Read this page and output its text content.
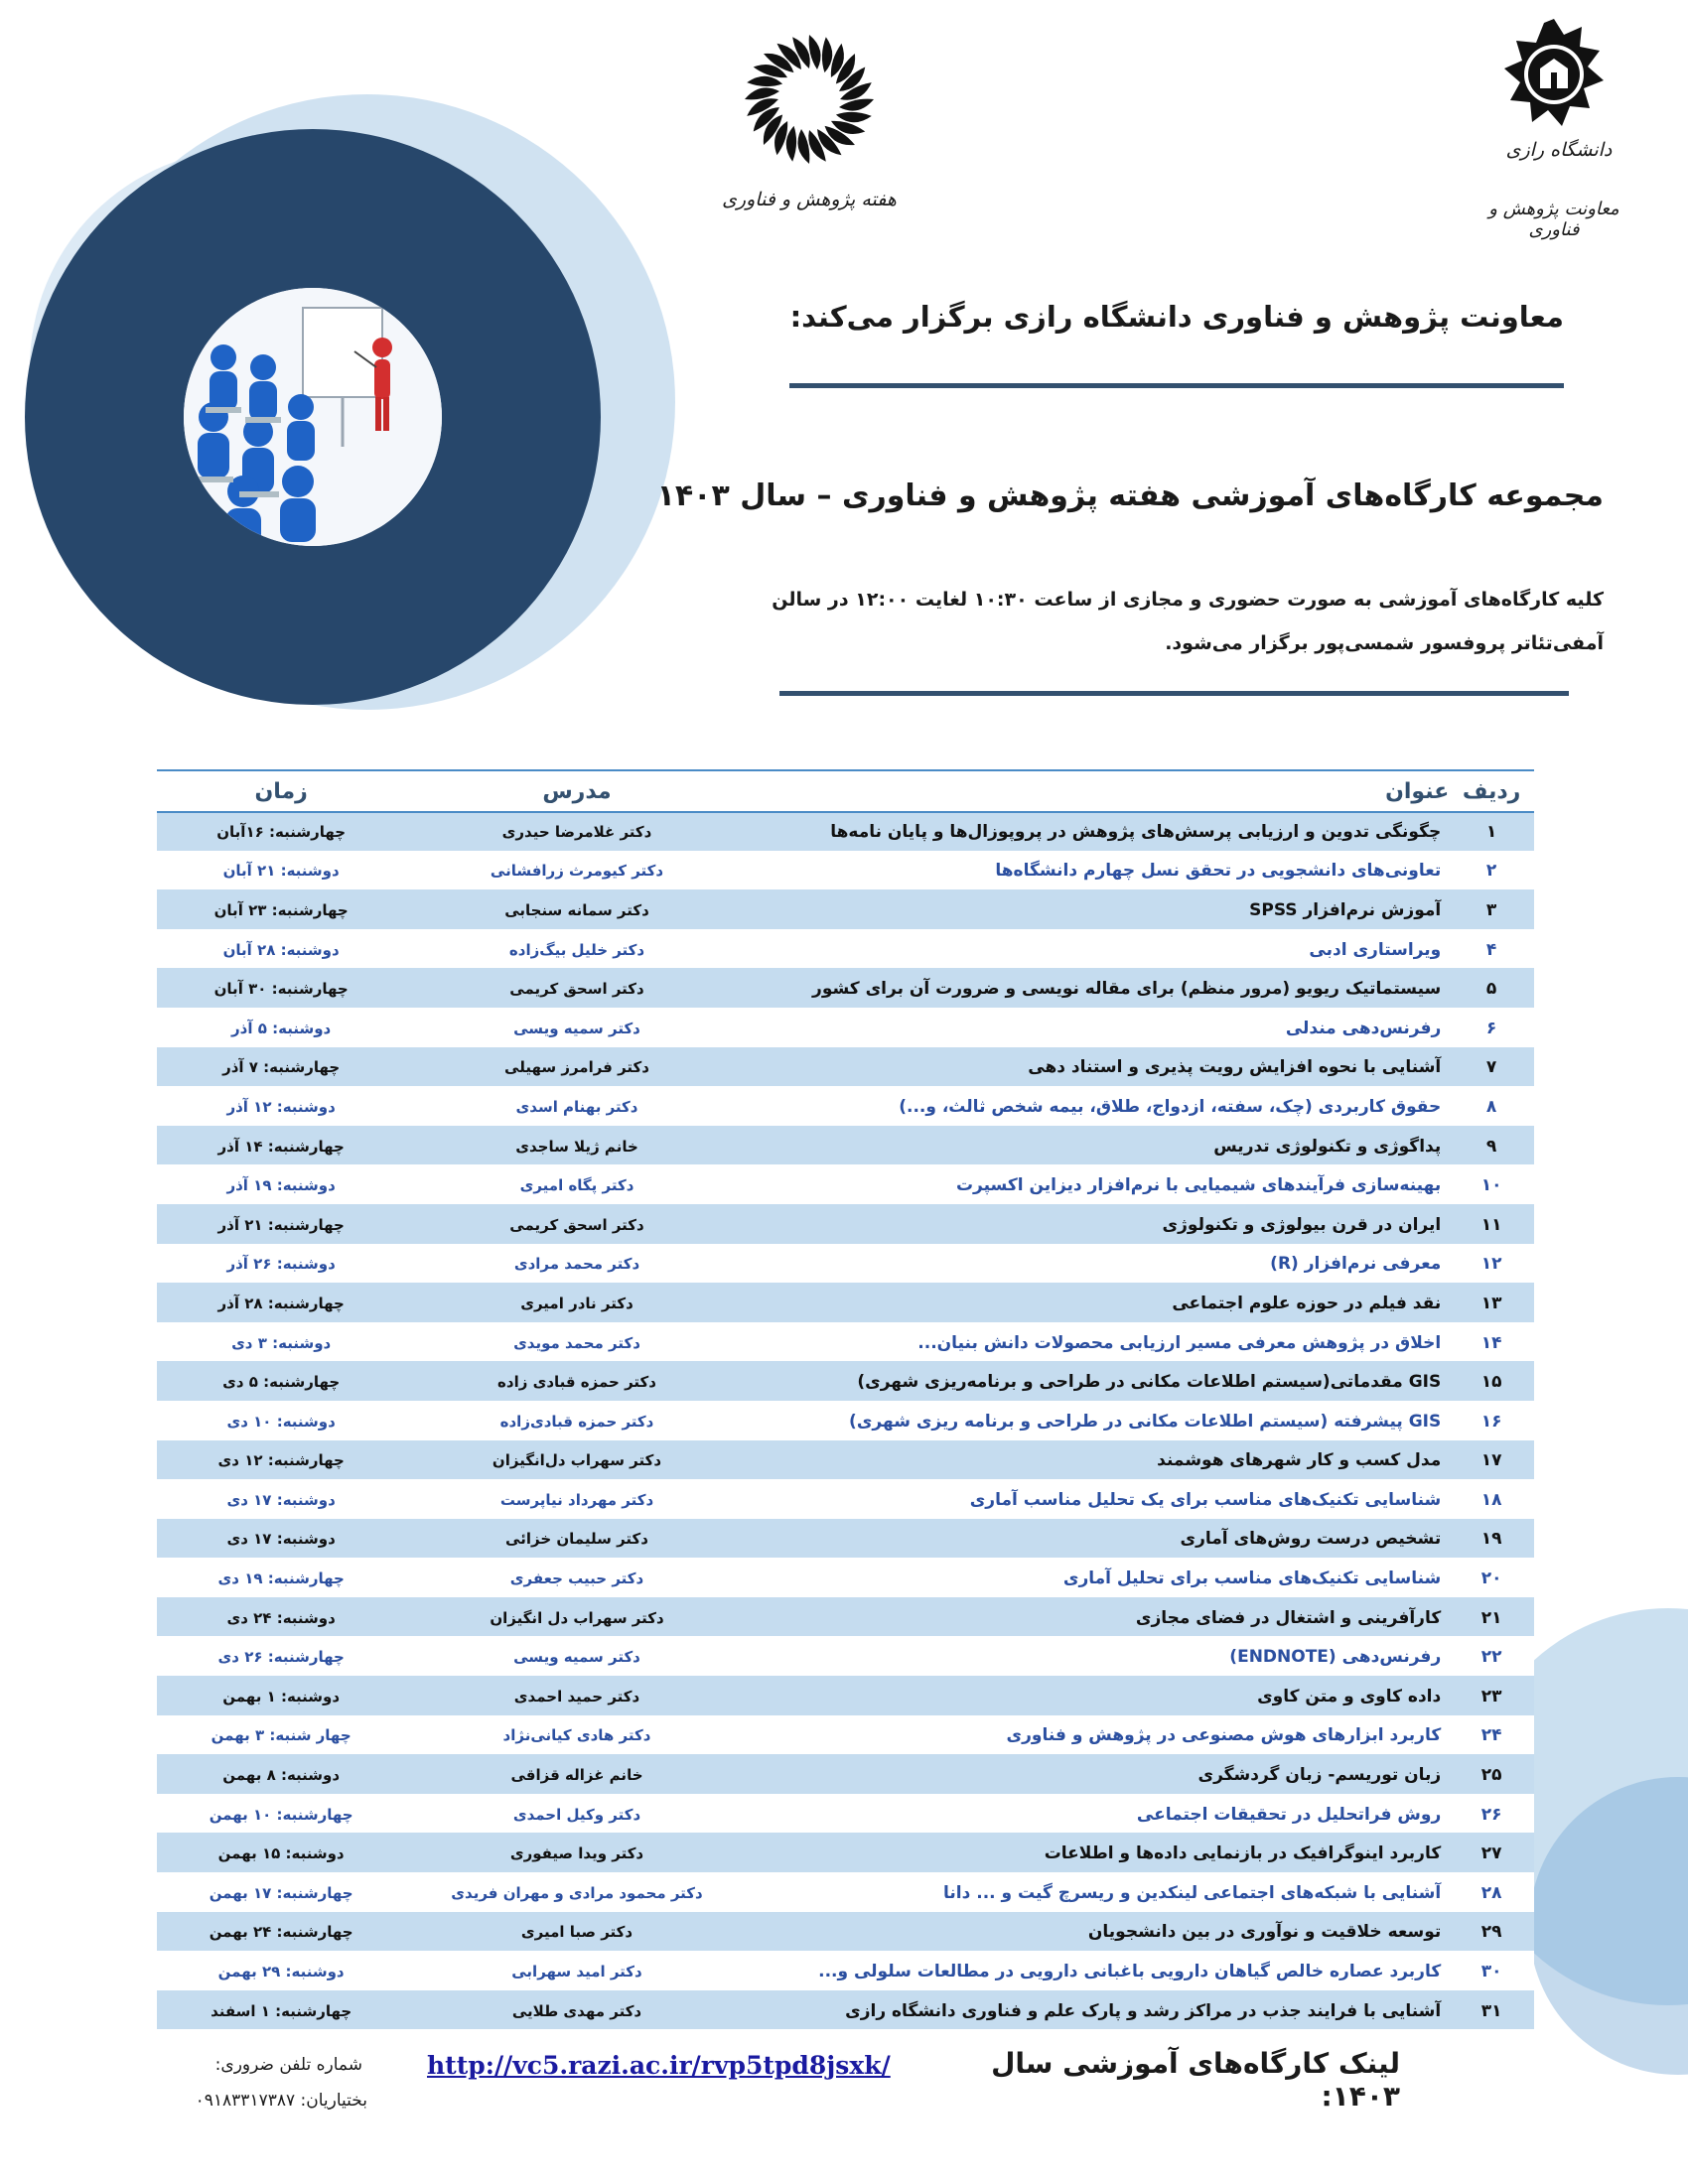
هفته پژوهش و فناوری
دانشگاه رازی
معاونت پژوهش و فناوری
معاونت پژوهش و فناوری دانشگاه رازی برگزار می‌کند:
مجموعه کارگاه‌های آموزشی هفته پژوهش و فناوری – سال ۱۴۰۳
کلیه کارگاه‌های آموزشی به صورت حضوری و مجازی از ساعت ۱۰:۳۰ لغایت ۱۲:۰۰ در سالن آمفی‌تئاتر پروفسور شمسی‌پور برگزار می‌شود.
ردیف	عنوان	مدرس	زمان
۱	چگونگی تدوین و ارزیابی پرسش‌های پژوهش در پروپوزال‌ها و پایان نامه‌ها	دکتر غلامرضا حیدری	چهارشنبه: ۱۶آبان
۲	تعاونی‌های دانشجویی در تحقق نسل چهارم دانشگاه‌ها	دکتر کیومرث زرافشانی	دوشنبه: ۲۱ آبان
۳	آموزش نرم‌افزار SPSS	دکتر سمانه سنجابی	چهارشنبه: ۲۳ آبان
۴	ویراستاری ادبی	دکتر خلیل بیگ‌زاده	دوشنبه: ۲۸ آبان
۵	سیستماتیک ریویو (مرور منظم) برای مقاله نویسی و ضرورت آن برای کشور	دکتر اسحق کریمی	چهارشنبه: ۳۰ آبان
۶	رفرنس‌دهی مندلی	دکتر سمیه ویسی	دوشنبه: ۵ آذر
۷	آشنایی با نحوه افزایش رویت پذیری و استناد دهی	دکتر فرامرز سهیلی	چهارشنبه: ۷ آذر
۸	حقوق کاربردی (چک، سفته، ازدواج، طلاق، بیمه شخص ثالث، و...)	دکتر بهنام اسدی	دوشنبه: ۱۲ آذر
۹	پداگوژی و تکنولوژی تدریس	خانم ژیلا ساجدی	چهارشنبه: ۱۴ آذر
۱۰	بهینه‌سازی فرآیندهای شیمیایی با نرم‌افزار دیزاین اکسپرت	دکتر پگاه امیری	دوشنبه: ۱۹ آذر
۱۱	ایران در قرن بیولوژی و تکنولوژی	دکتر اسحق کریمی	چهارشنبه: ۲۱ آذر
۱۲	معرفی نرم‌افزار (R)	دکتر محمد مرادی	دوشنبه: ۲۶ آذر
۱۳	نقد فیلم در حوزه علوم اجتماعی	دکتر نادر امیری	چهارشنبه: ۲۸ آذر
۱۴	اخلاق در پژوهش معرفی مسیر ارزیابی محصولات دانش بنیان...	دکتر محمد مویدی	دوشنبه: ۳ دی
۱۵	GIS مقدماتی(سیستم اطلاعات مکانی در طراحی و برنامه‌ریزی شهری)	دکتر حمزه قبادی زاده	چهارشنبه: ۵ دی
۱۶	GIS پیشرفته (سیستم اطلاعات مکانی در طراحی و برنامه ریزی شهری)	دکتر حمزه قبادی‌زاده	دوشنبه: ۱۰ دی
۱۷	مدل کسب و کار شهرهای هوشمند	دکتر سهراب دل‌انگیزان	چهارشنبه: ۱۲ دی
۱۸	شناسایی تکنیک‌های مناسب برای یک تحلیل مناسب آماری	دکتر مهرداد نیاپرست	دوشنبه: ۱۷ دی
۱۹	تشخیص درست روش‌های آماری	دکتر سلیمان خزائی	دوشنبه: ۱۷ دی
۲۰	شناسایی تکنیک‌های مناسب برای تحلیل آماری	دکتر حبیب جعفری	چهارشنبه: ۱۹ دی
۲۱	کارآفرینی و اشتغال در فضای مجازی	دکتر سهراب دل انگیزان	دوشنبه: ۲۴ دی
۲۲	رفرنس‌دهی (ENDNOTE)	دکتر سمیه ویسی	چهارشنبه: ۲۶ دی
۲۳	داده کاوی و متن کاوی	دکتر حمید احمدی	دوشنبه: ۱ بهمن
۲۴	کاربرد ابزارهای هوش مصنوعی در پژوهش و فناوری	دکتر هادی کیانی‌نژاد	چهار شنبه: ۳ بهمن
۲۵	زبان توریسم- زبان گردشگری	خانم غزاله قزاقی	دوشنبه: ۸ بهمن
۲۶	روش فراتحلیل در تحقیقات اجتماعی	دکتر وکیل احمدی	چهارشنبه: ۱۰ بهمن
۲۷	کاربرد اینوگرافیک در بازنمایی داده‌ها و اطلاعات	دکتر ویدا صیفوری	دوشنبه: ۱۵ بهمن
۲۸	آشنایی با شبکه‌های اجتماعی لینکدین و ریسرچ گیت و ... دانا	دکتر محمود مرادی و مهران فریدی	چهارشنبه: ۱۷ بهمن
۲۹	توسعه خلاقیت و نوآوری در بین دانشجویان	دکتر صبا امیری	چهارشنبه: ۲۴ بهمن
۳۰	کاربرد عصاره خالص گیاهان دارویی باغبانی دارویی در مطالعات سلولی و...	دکتر امید سهرابی	دوشنبه: ۲۹ بهمن
۳۱	آشنایی با فرایند جذب در مراکز رشد و پارک علم و فناوری دانشگاه رازی	دکتر مهدی طلایی	چهارشنبه: ۱ اسفند
لینک کارگاه‌های آموزشی سال ۱۴۰۳:
http://vc5.razi.ac.ir/rvp5tpd8jsxk/
شماره تلفن ضروری:
بختیاریان: ۰۹۱۸۳۳۱۷۳۸۷
